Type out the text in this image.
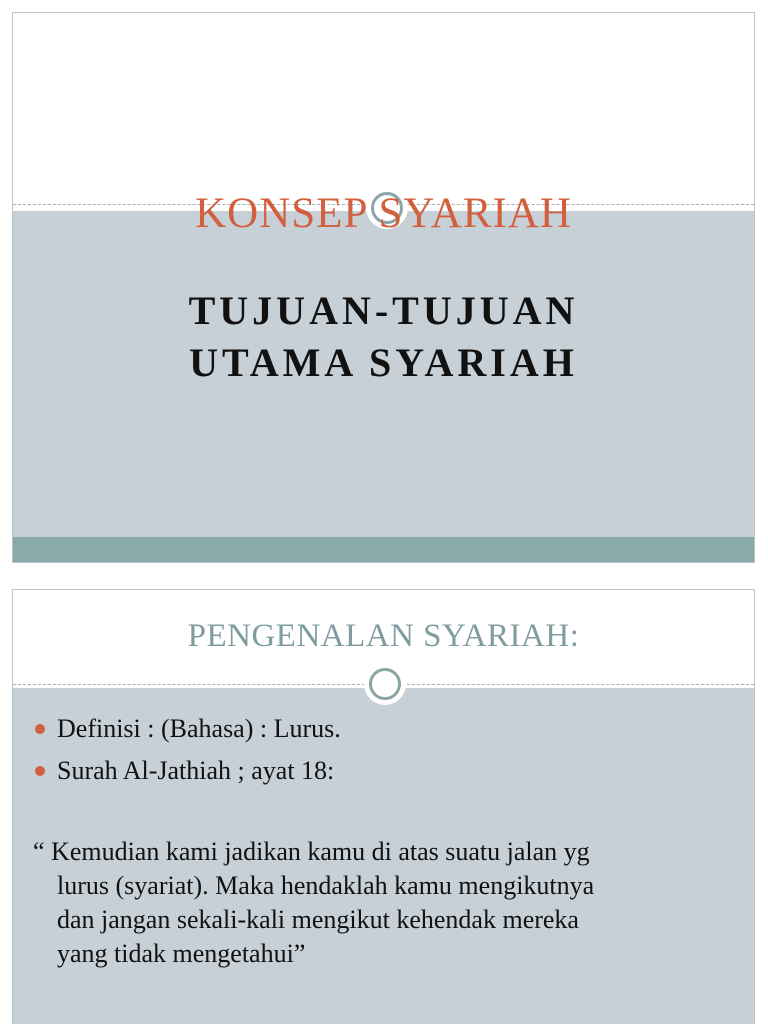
KONSEP SYARIAH
TUJUAN-TUJUAN
UTAMA SYARIAH
PENGENALAN SYARIAH:
Definisi : (Bahasa) : Lurus.
Surah Al-Jathiah ; ayat 18:
“ Kemudian kami jadikan kamu di atas suatu jalan yg
lurus (syariat). Maka hendaklah kamu mengikutnya
dan jangan sekali-kali mengikut kehendak mereka
yang tidak mengetahui”
